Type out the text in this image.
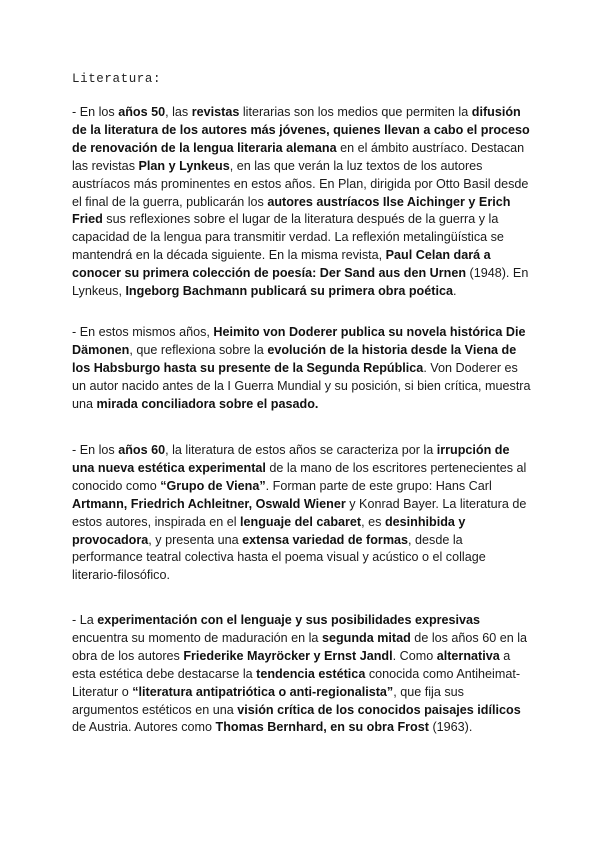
Literatura:

- En los años 50, las revistas literarias son los medios que permiten la difusión de la literatura de los autores más jóvenes, quienes llevan a cabo el proceso de renovación de la lengua literaria alemana en el ámbito austríaco. Destacan las revistas Plan y Lynkeus, en las que verán la luz textos de los autores austríacos más prominentes en estos años. En Plan, dirigida por Otto Basil desde el final de la guerra, publicarán los autores austríacos Ilse Aichinger y Erich Fried sus reflexiones sobre el lugar de la literatura después de la guerra y la capacidad de la lengua para transmitir verdad. La reflexión metalingüística se mantendrá en la década siguiente. En la misma revista, Paul Celan dará a conocer su primera colección de poesía: Der Sand aus den Urnen (1948). En Lynkeus, Ingeborg Bachmann publicará su primera obra poética.

- En estos mismos años, Heimito von Doderer publica su novela histórica Die Dämonen, que reflexiona sobre la evolución de la historia desde la Viena de los Habsburgo hasta su presente de la Segunda República. Von Doderer es un autor nacido antes de la I Guerra Mundial y su posición, si bien crítica, muestra una mirada conciliadora sobre el pasado.

- En los años 60, la literatura de estos años se caracteriza por la irrupción de una nueva estética experimental de la mano de los escritores pertenecientes al conocido como “Grupo de Viena”. Forman parte de este grupo: Hans Carl Artmann, Friedrich Achleitner, Oswald Wiener y Konrad Bayer. La literatura de estos autores, inspirada en el lenguaje del cabaret, es desinhibida y provocadora, y presenta una extensa variedad de formas, desde la performance teatral colectiva hasta el poema visual y acústico o el collage literario-filosófico.

- La experimentación con el lenguaje y sus posibilidades expresivas encuentra su momento de maduración en la segunda mitad de los años 60 en la obra de los autores Friederike Mayröcker y Ernst Jandl. Como alternativa a esta estética debe destacarse la tendencia estética conocida como Antiheimat-Literatur o “literatura antipatriótica o anti-regionalista”, que fija sus argumentos estéticos en una visión crítica de los conocidos paisajes idílicos de Austria. Autores como Thomas Bernhard, en su obra Frost (1963).
